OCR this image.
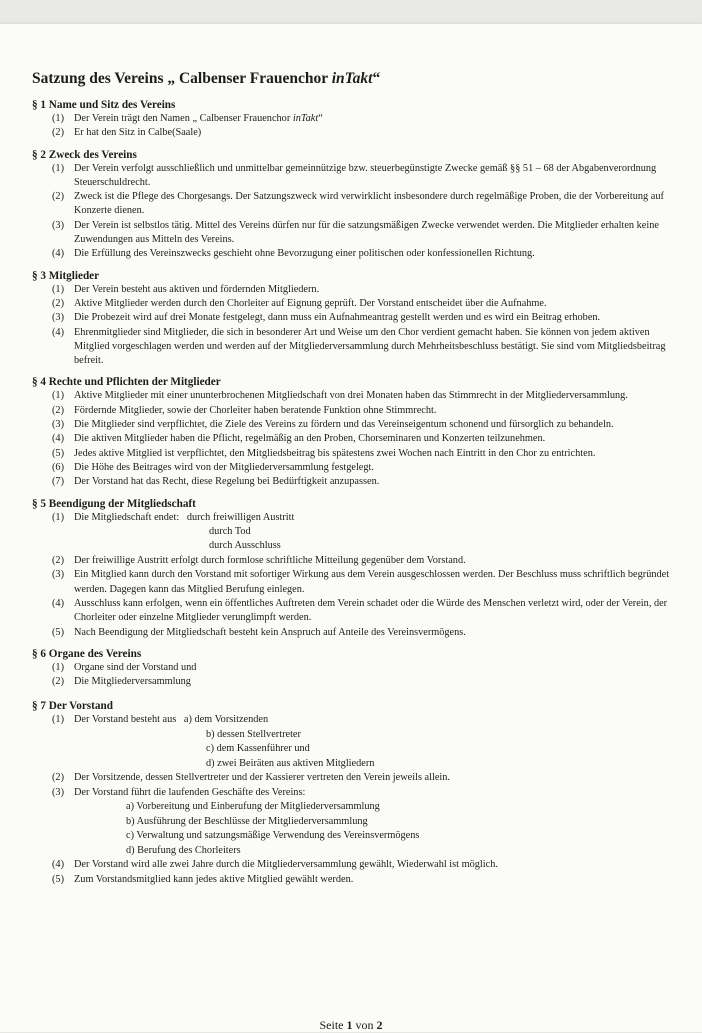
Satzung des Vereins „ Calbenser Frauenchor inTakt“

§ 1 Name und Sitz des Vereins

(1) Der Verein trägt den Namen „ Calbenser Frauenchor inTakt“
(2) Er hat den Sitz in Calbe(Saale)

§ 2 Zweck des Vereins

(1) Der Verein verfolgt ausschließlich und unmittelbar gemeinnützige bzw. steuerbegünstigte Zwecke gemäß §§ 51 – 68 der Abgabenverordnung Steuerschuldrecht.
(2) Zweck ist die Pflege des Chorgesangs. Der Satzungszweck wird verwirklicht insbesondere durch regelmäßige Proben, die der Vorbereitung auf Konzerte dienen.
(3) Der Verein ist selbstlos tätig. Mittel des Vereins dürfen nur für die satzungsmäßigen Zwecke verwendet werden. Die Mitglieder erhalten keine Zuwendungen aus Mitteln des Vereins.
(4) Die Erfüllung des Vereinszwecks geschieht ohne Bevorzugung einer politischen oder konfessionellen Richtung.

§ 3 Mitglieder

(1) Der Verein besteht aus aktiven und fördernden Mitgliedern.
(2) Aktive Mitglieder werden durch den Chorleiter auf Eignung geprüft. Der Vorstand entscheidet über die Aufnahme.
(3) Die Probezeit wird auf drei Monate festgelegt, dann muss ein Aufnahmeantrag gestellt werden und es wird ein Beitrag erhoben.
(4) Ehrenmitglieder sind Mitglieder, die sich in besonderer Art und Weise um den Chor verdient gemacht haben. Sie können von jedem aktiven Mitglied vorgeschlagen werden und werden auf der Mitgliederversammlung durch Mehrheitsbeschluss bestätigt. Sie sind vom Mitgliedsbeitrag befreit.

§ 4 Rechte und Pflichten der Mitglieder

(1) Aktive Mitglieder mit einer ununterbrochenen Mitgliedschaft von drei Monaten haben das Stimmrecht in der Mitgliederversammlung.
(2) Fördernde Mitglieder, sowie der Chorleiter haben beratende Funktion ohne Stimmrecht.
(3) Die Mitglieder sind verpflichtet, die Ziele des Vereins zu fördern und das Vereinseigentum schonend und fürsorglich zu behandeln.
(4) Die aktiven Mitglieder haben die Pflicht, regelmäßig an den Proben, Chorseminaren und Konzerten teilzunehmen.
(5) Jedes aktive Mitglied ist verpflichtet, den Mitgliedsbeitrag bis spätestens zwei Wochen nach Eintritt in den Chor zu entrichten.
(6) Die Höhe des Beitrages wird von der Mitgliederversammlung festgelegt.
(7) Der Vorstand hat das Recht, diese Regelung bei Bedürftigkeit anzupassen.

§ 5 Beendigung der Mitgliedschaft

(1) Die Mitgliedschaft endet: durch freiwilligen Austritt
durch Tod
durch Ausschluss
(2) Der freiwillige Austritt erfolgt durch formlose schriftliche Mitteilung gegenüber dem Vorstand.
(3) Ein Mitglied kann durch den Vorstand mit sofortiger Wirkung aus dem Verein ausgeschlossen werden. Der Beschluss muss schriftlich begründet werden. Dagegen kann das Mitglied Berufung einlegen.
(4) Ausschluss kann erfolgen, wenn ein öffentliches Auftreten dem Verein schadet oder die Würde des Menschen verletzt wird, oder der Verein, der Chorleiter oder einzelne Mitglieder verunglimpft werden.
(5) Nach Beendigung der Mitgliedschaft besteht kein Anspruch auf Anteile des Vereinsvermögens.

§ 6 Organe des Vereins

(1) Organe sind der Vorstand und
(2) Die Mitgliederversammlung

§ 7 Der Vorstand

(1) Der Vorstand besteht aus a) dem Vorsitzenden
b) dessen Stellvertreter
c) dem Kassenführer und
d) zwei Beiräten aus aktiven Mitgliedern
(2) Der Vorsitzende, dessen Stellvertreter und der Kassierer vertreten den Verein jeweils allein.
(3) Der Vorstand führt die laufenden Geschäfte des Vereins:
a) Vorbereitung und Einberufung der Mitgliederversammlung
b) Ausführung der Beschlüsse der Mitgliederversammlung
c) Verwaltung und satzungsmäßige Verwendung des Vereinsvermögens
d) Berufung des Chorleiters
(4) Der Vorstand wird alle zwei Jahre durch die Mitgliederversammlung gewählt, Wiederwahl ist möglich.
(5) Zum Vorstandsmitglied kann jedes aktive Mitglied gewählt werden.
Seite 1 von 2
